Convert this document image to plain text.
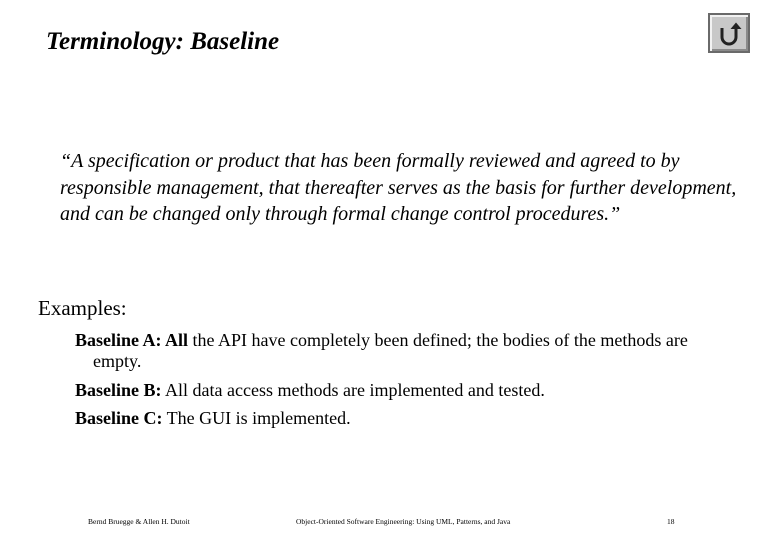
Terminology: Baseline

“A specification or product that has been formally reviewed and agreed to by responsible management, that thereafter serves as the basis for further development, and can be changed only through formal change control procedures.”

Examples:

Baseline A: All the API have completely been defined; the bodies of the methods are empty.
Baseline B: All data access methods are implemented and tested.
Baseline C: The GUI is implemented.
Bernd Bruegge & Allen H. Dutoit	Object-Oriented Software Engineering: Using UML, Patterns, and Java	18
